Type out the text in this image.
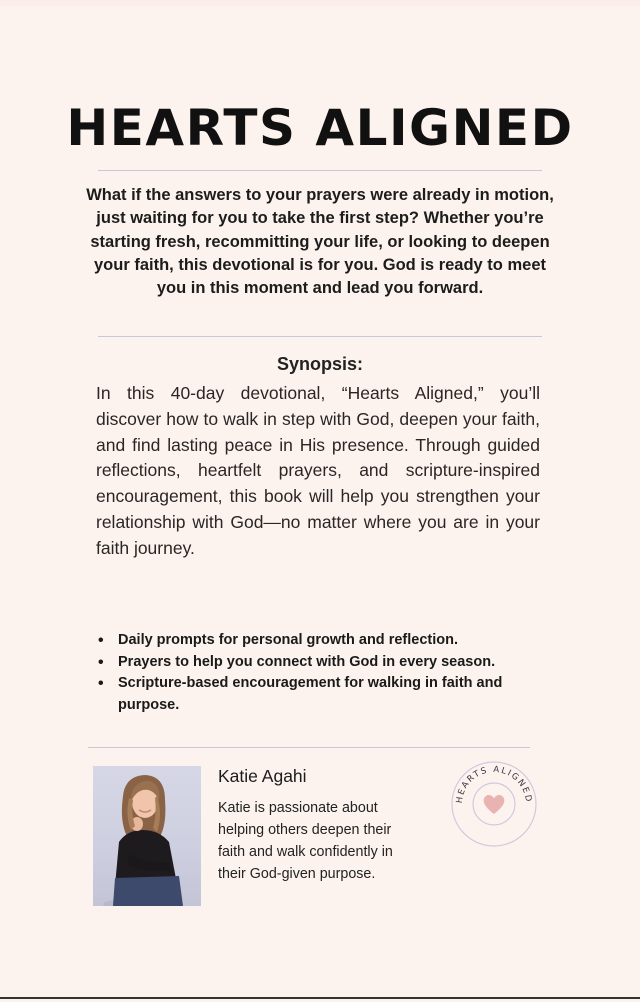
HEARTS ALIGNED
What if the answers to your prayers were already in motion, just waiting for you to take the first step? Whether you’re starting fresh, recommitting your life, or looking to deepen your faith, this devotional is for you. God is ready to meet you in this moment and lead you forward.
Synopsis:
In this 40-day devotional, “Hearts Aligned,” you’ll discover how to walk in step with God, deepen your faith, and find lasting peace in His presence. Through guided reflections, heartfelt prayers, and scripture-inspired encouragement, this book will help you strengthen your relationship with God—no matter where you are in your faith journey.
• Daily prompts for personal growth and reflection.
• Prayers to help you connect with God in every season.
• Scripture-based encouragement for walking in faith and purpose.
Katie Agahi
Katie is passionate about helping others deepen their faith and walk confidently in their God-given purpose.
HEARTS ALIGNED
